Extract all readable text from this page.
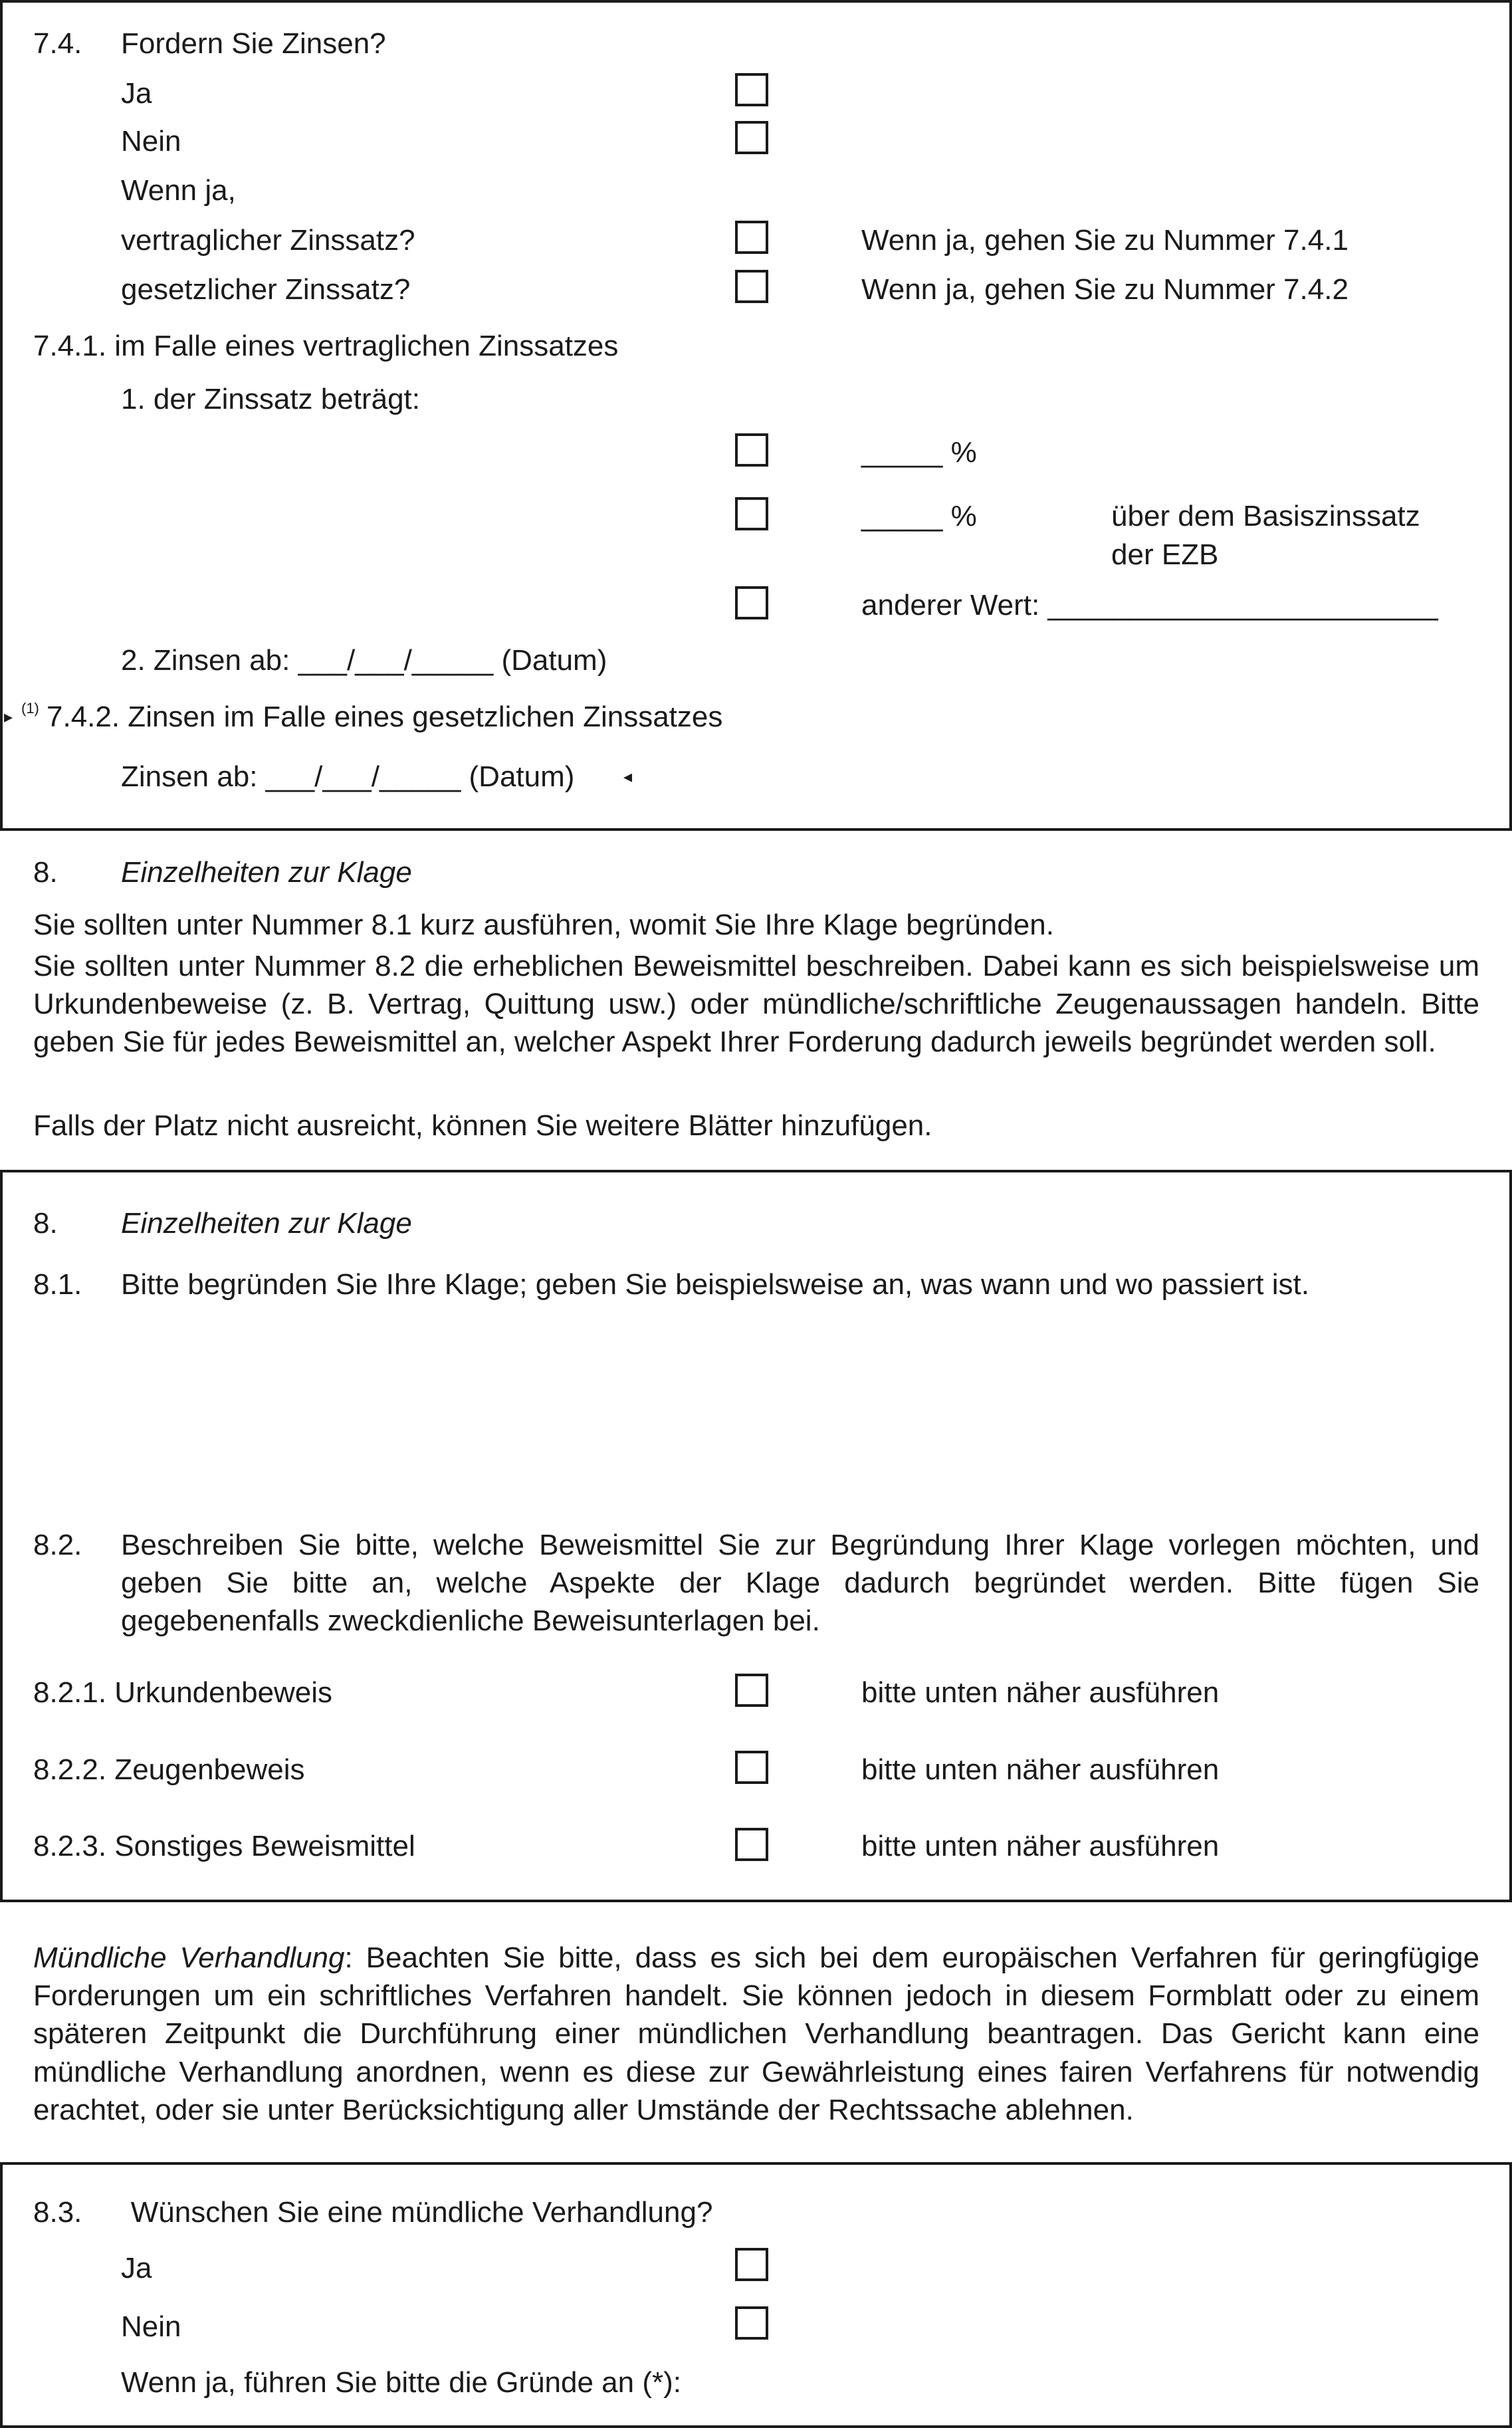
7.4. Fordern Sie Zinsen?
Ja
Nein
Wenn ja,
vertraglicher Zinssatz?	Wenn ja, gehen Sie zu Nummer 7.4.1
gesetzlicher Zinssatz?	Wenn ja, gehen Sie zu Nummer 7.4.2
7.4.1. im Falle eines vertraglichen Zinssatzes
1. der Zinssatz beträgt:
_____ %
_____ %	über dem Basiszinssatz
der EZB
anderer Wert: ________________________
2. Zinsen ab: ___/___/_____ (Datum)
▸ (1) 7.4.2. Zinsen im Falle eines gesetzlichen Zinssatzes
Zinsen ab: ___/___/_____ (Datum)	◂
8. Einzelheiten zur Klage
Sie sollten unter Nummer 8.1 kurz ausführen, womit Sie Ihre Klage begründen.
Sie sollten unter Nummer 8.2 die erheblichen Beweismittel beschreiben. Dabei kann es sich beispielsweise um Urkundenbeweise (z. B. Vertrag, Quittung usw.) oder mündliche/schriftliche Zeugenaussagen handeln. Bitte geben Sie für jedes Beweismittel an, welcher Aspekt Ihrer Forderung dadurch jeweils begründet werden soll.
Falls der Platz nicht ausreicht, können Sie weitere Blätter hinzufügen.
8. Einzelheiten zur Klage
8.1. Bitte begründen Sie Ihre Klage; geben Sie beispielsweise an, was wann und wo passiert ist.
8.2. Beschreiben Sie bitte, welche Beweismittel Sie zur Begründung Ihrer Klage vorlegen möchten, und geben Sie bitte an, welche Aspekte der Klage dadurch begründet werden. Bitte fügen Sie gegebenenfalls zweckdienliche Beweisunterlagen bei.
8.2.1. Urkundenbeweis	bitte unten näher ausführen
8.2.2. Zeugenbeweis	bitte unten näher ausführen
8.2.3. Sonstiges Beweismittel	bitte unten näher ausführen
Mündliche Verhandlung: Beachten Sie bitte, dass es sich bei dem europäischen Verfahren für geringfügige Forderungen um ein schriftliches Verfahren handelt. Sie können jedoch in diesem Formblatt oder zu einem späteren Zeitpunkt die Durchführung einer mündlichen Verhandlung beantragen. Das Gericht kann eine mündliche Verhandlung anordnen, wenn es diese zur Gewährleistung eines fairen Verfahrens für notwendig erachtet, oder sie unter Berücksichtigung aller Umstände der Rechtssache ablehnen.
8.3.      Wünschen Sie eine mündliche Verhandlung?
Ja
Nein
Wenn ja, führen Sie bitte die Gründe an (*):
